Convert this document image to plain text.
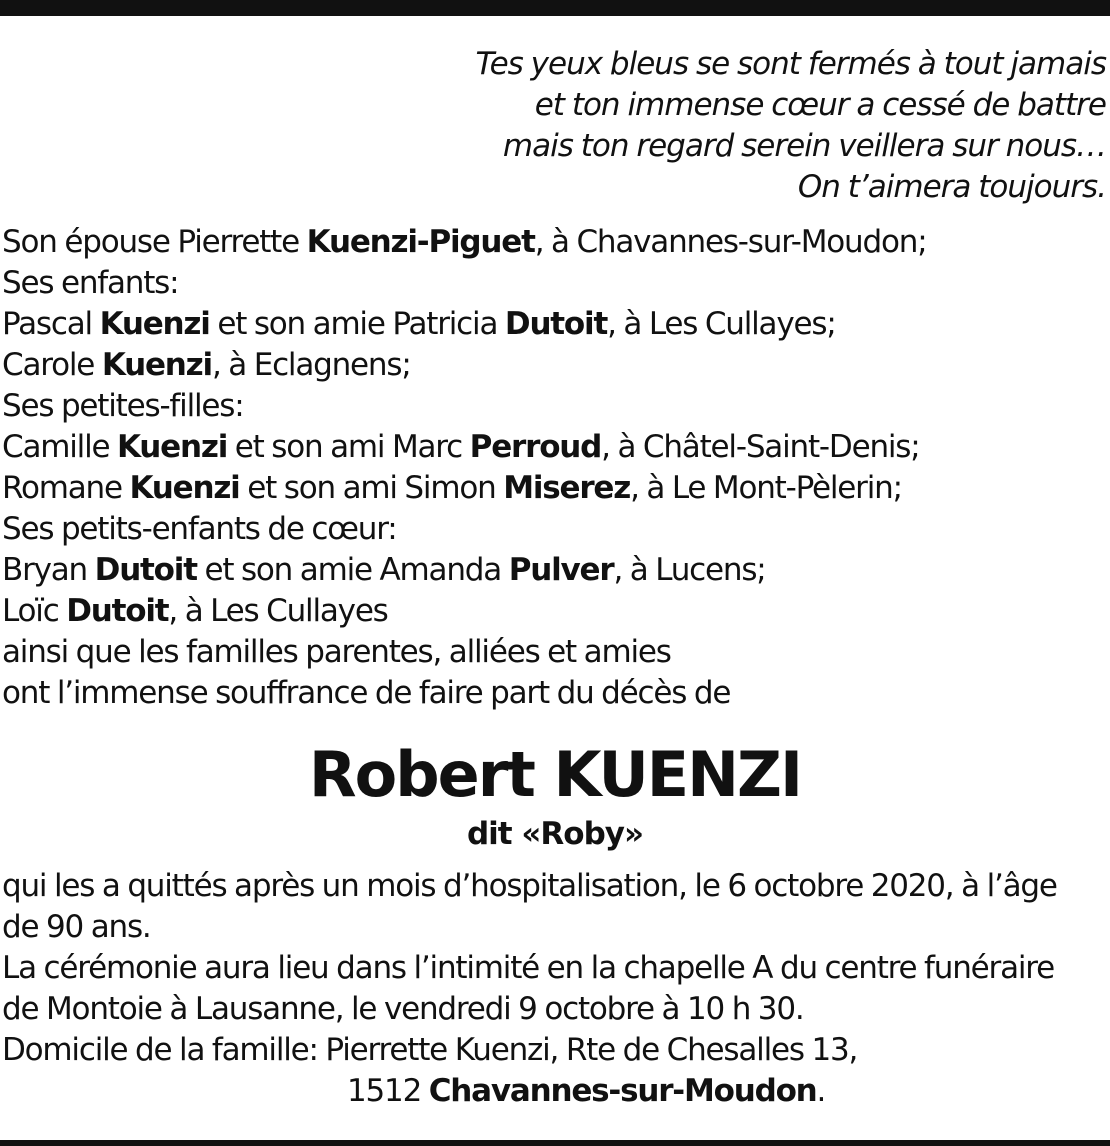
Tes yeux bleus se sont fermés à tout jamais
et ton immense cœur a cessé de battre
mais ton regard serein veillera sur nous…
On t’aimera toujours.
Son épouse Pierrette Kuenzi-Piguet, à Chavannes-sur-Moudon;
Ses enfants:
Pascal Kuenzi et son amie Patricia Dutoit, à Les Cullayes;
Carole Kuenzi, à Eclagnens;
Ses petites-filles:
Camille Kuenzi et son ami Marc Perroud, à Châtel-Saint-Denis;
Romane Kuenzi et son ami Simon Miserez, à Le Mont-Pèlerin;
Ses petits-enfants de cœur:
Bryan Dutoit et son amie Amanda Pulver, à Lucens;
Loïc Dutoit, à Les Cullayes
ainsi que les familles parentes, alliées et amies
ont l’immense souffrance de faire part du décès de
Robert KUENZI
dit «Roby»
qui les a quittés après un mois d’hospitalisation, le 6 octobre 2020, à l’âge
de 90 ans.
La cérémonie aura lieu dans l’intimité en la chapelle A du centre funéraire
de Montoie à Lausanne, le vendredi 9 octobre à 10 h 30.
Domicile de la famille: Pierrette Kuenzi, Rte de Chesalles 13,
1512 Chavannes-sur-Moudon.
